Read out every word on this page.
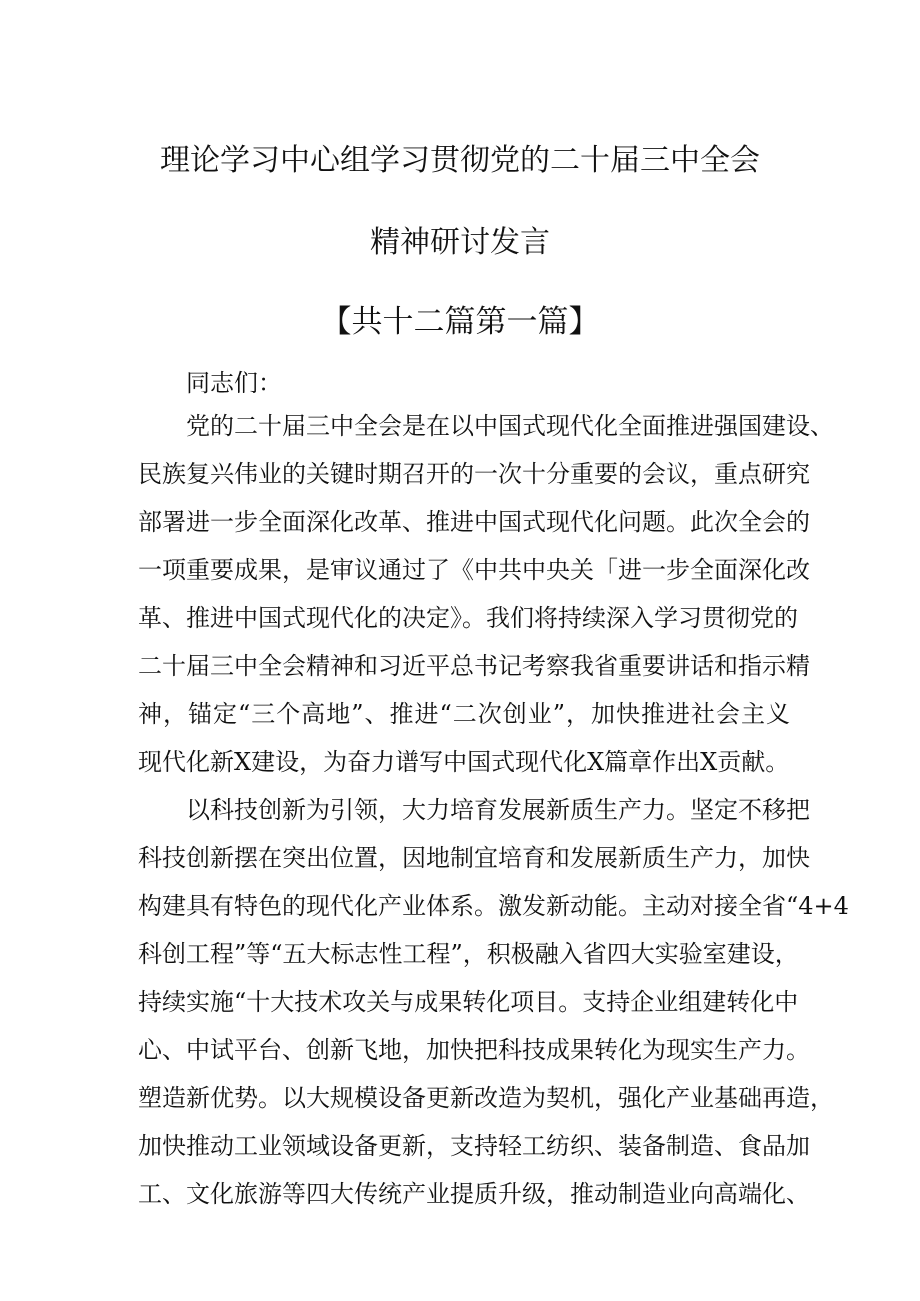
理论学习中心组学习贯彻党的二十届三中全会
精神研讨发言
【共十二篇第一篇】
同志们：
党的二十届三中全会是在以中国式现代化全面推进强国建设、
民族复兴伟业的关键时期召开的一次十分重要的会议，重点研究
部署进一步全面深化改革、推进中国式现代化问题。此次全会的
一项重要成果，是审议通过了《中共中央关「进一步全面深化改
革、推进中国式现代化的决定》。我们将持续深入学习贯彻党的
二十届三中全会精神和习近平总书记考察我省重要讲话和指示精
神，锚定“三个高地”、推进“二次创业”，加快推进社会主义
现代化新X建设，为奋力谱写中国式现代化X篇章作出X贡献。
以科技创新为引领，大力培育发展新质生产力。坚定不移把
科技创新摆在突出位置，因地制宜培育和发展新质生产力，加快
构建具有特色的现代化产业体系。激发新动能。主动对接全省“4+4
科创工程”等“五大标志性工程”，积极融入省四大实验室建设，
持续实施“十大技术攻关与成果转化项目。支持企业组建转化中
心、中试平台、创新飞地，加快把科技成果转化为现实生产力。
塑造新优势。以大规模设备更新改造为契机，强化产业基础再造，
加快推动工业领域设备更新，支持轻工纺织、装备制造、食品加
工、文化旅游等四大传统产业提质升级，推动制造业向高端化、
